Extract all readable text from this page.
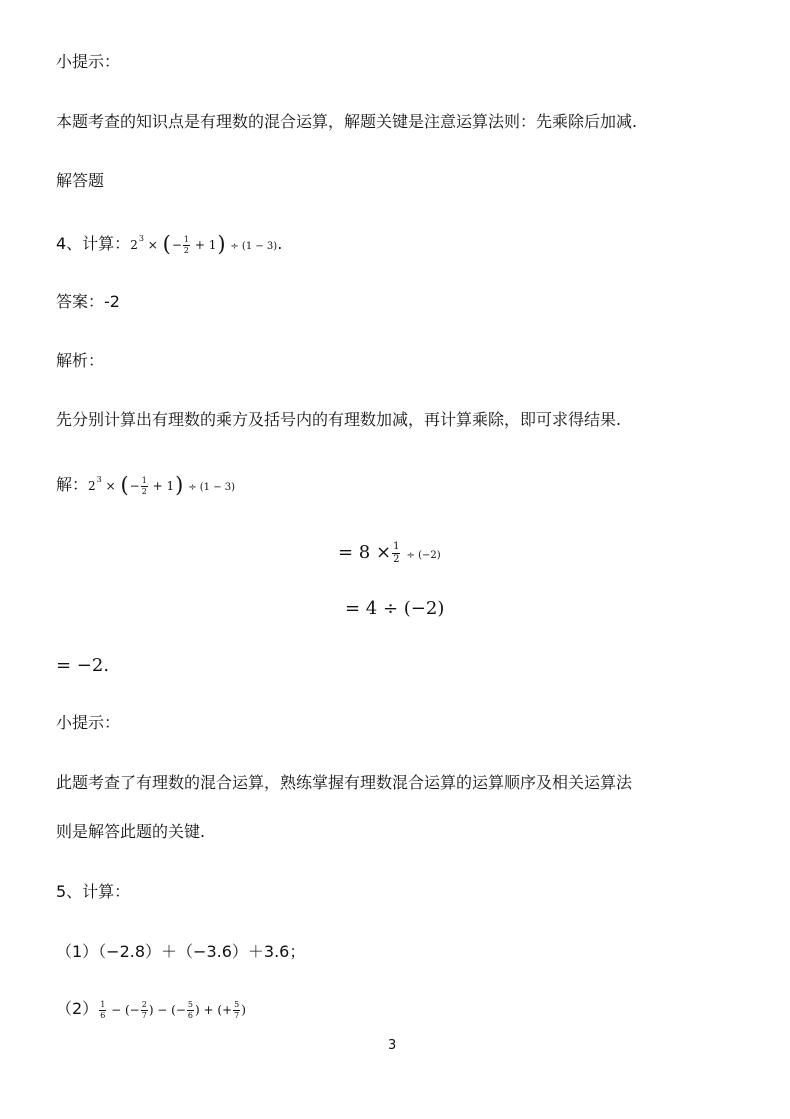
小提示：
本题考查的知识点是有理数的混合运算，解题关键是注意运算法则：先乘除后加减.
解答题
4、计算：$2^3$ × (− $\frac{1}{2} + 1) \div (1 - 3)$.
答案：-2
解析：
先分别计算出有理数的乘方及括号内的有理数加减，再计算乘除，即可求得结果.
解：$2^3$ × (− $\frac{1}{2} + 1) \div (1 - 3)$
= $8 \times \frac{1}{2} \div (-2)$
= 4 ÷ (−2)
= −2.
小提示：
此题考查了有理数的混合运算，熟练掌握有理数混合运算的运算顺序及相关运算法
则是解答此题的关键.
5、计算：
（1）（−2.8）＋（−3.6）＋3.6；
$(2) \frac{1}{6}$ − (− $\frac{2}{7}$ ) − (− $\frac{5}{6}$ ) + (+ $\frac{5}{7}$ )
3
